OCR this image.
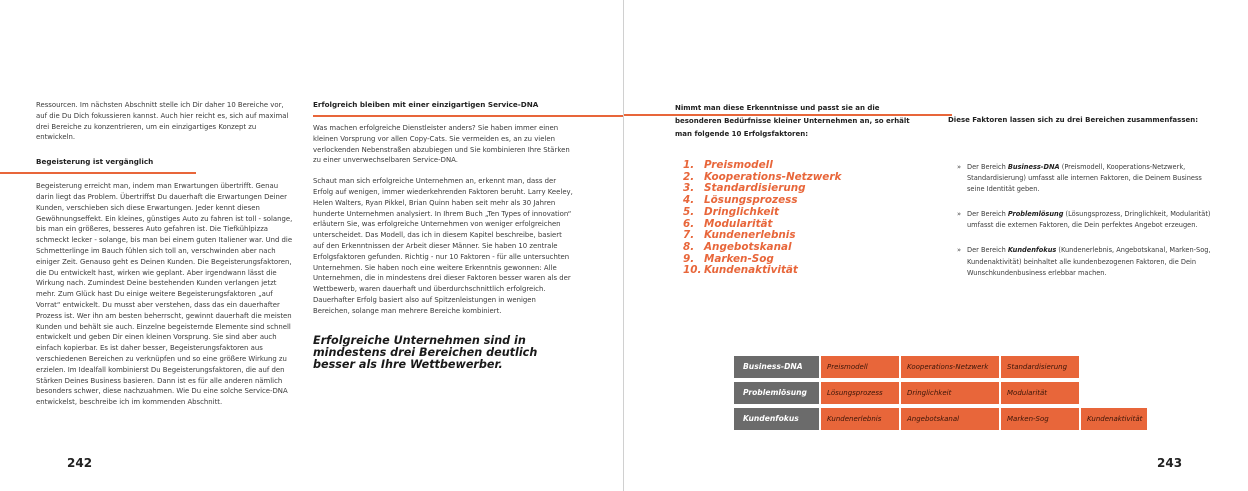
Ressourcen. Im nächsten Abschnitt stelle ich Dir daher 10 Bereiche vor, auf die Du Dich fokussieren kannst. Auch hier reicht es, sich auf maximal drei Bereiche zu konzentrieren, um ein einzigartiges Konzept zu entwickeln.

Begeisterung ist vergänglich

Begeisterung erreicht man, indem man Erwartungen übertrifft. Genau darin liegt das Problem. Übertriffst Du dauerhaft die Erwartungen Deiner Kunden, verschieben sich diese Erwartungen. Jeder kennt diesen Gewöhnungseffekt. Ein kleines, günstiges Auto zu fahren ist toll - solange, bis man ein größeres, besseres Auto gefahren ist. Die Tiefkühlpizza schmeckt lecker - solange, bis man bei einem guten Italiener war. Und die Schmetterlinge im Bauch fühlen sich toll an, verschwinden aber nach einiger Zeit. Genauso geht es Deinen Kunden. Die Begeisterungsfaktoren, die Du entwickelt hast, wirken wie geplant. Aber irgendwann lässt die Wirkung nach. Zumindest Deine bestehenden Kunden verlangen jetzt mehr. Zum Glück hast Du einige weitere Begeisterungsfaktoren „auf Vorrat“ entwickelt. Du musst aber verstehen, dass das ein dauerhafter Prozess ist. Wer ihn am besten beherrscht, gewinnt dauerhaft die meisten Kunden und behält sie auch. Einzelne begeisternde Elemente sind schnell entwickelt und geben Dir einen kleinen Vorsprung. Sie sind aber auch einfach kopierbar. Es ist daher besser, Begeisterungsfaktoren aus verschiedenen Bereichen zu verknüpfen und so eine größere Wirkung zu erzielen. Im Idealfall kombinierst Du Begeisterungsfaktoren, die auf den Stärken Deines Business basieren. Dann ist es für alle anderen nämlich besonders schwer, diese nachzuahmen. Wie Du eine solche Service-DNA entwickelst, beschreibe ich im kommenden Abschnitt.

Erfolgreich bleiben mit einer einzigartigen Service-DNA

Was machen erfolgreiche Dienstleister anders? Sie haben immer einen kleinen Vorsprung vor allen Copy-Cats. Sie vermeiden es, an zu vielen verlockenden Nebenstraßen abzubiegen und Sie kombinieren Ihre Stärken zu einer unverwechselbaren Service-DNA.

Schaut man sich erfolgreiche Unternehmen an, erkennt man, dass der Erfolg auf wenigen, immer wiederkehrenden Faktoren beruht. Larry Keeley, Helen Walters, Ryan Pikkel, Brian Quinn haben seit mehr als 30 Jahren hunderte Unternehmen analysiert. In Ihrem Buch „Ten Types of innovation“ erläutern Sie, was erfolgreiche Unternehmen von weniger erfolgreichen unterscheidet. Das Modell, das ich in diesem Kapitel beschreibe, basiert auf den Erkenntnissen der Arbeit dieser Männer. Sie haben 10 zentrale Erfolgsfaktoren gefunden. Richtig - nur 10 Faktoren - für alle untersuchten Unternehmen. Sie haben noch eine weitere Erkenntnis gewonnen: Alle Unternehmen, die in mindestens drei dieser Faktoren besser waren als der Wettbewerb, waren dauerhaft und überdurchschnittlich erfolgreich. Dauerhafter Erfolg basiert also auf Spitzenleistungen in wenigen Bereichen, solange man mehrere Bereiche kombiniert.

Erfolgreiche Unternehmen sind in mindestens drei Bereichen deutlich besser als Ihre Wettbewerber.
242
Nimmt man diese Erkenntnisse und passt sie an die besonderen Bedürfnisse kleiner Unternehmen an, so erhält man folgende 10 Erfolgsfaktoren:
Diese Faktoren lassen sich zu drei Bereichen zusammenfassen:
1. Preismodell
2. Kooperations-Netzwerk
3. Standardisierung
4. Lösungsprozess
5. Dringlichkeit
6. Modularität
7. Kundenerlebnis
8. Angebotskanal
9. Marken-Sog
10. Kundenaktivität
» Der Bereich Business-DNA (Preismodell, Kooperations-Netzwerk, Standardisierung) umfasst alle internen Faktoren, die Deinem Business seine Identität geben.
» Der Bereich Problemlösung (Lösungsprozess, Dringlichkeit, Modularität) umfasst die externen Faktoren, die Dein perfektes Angebot erzeugen.
» Der Bereich Kundenfokus (Kundenerlebnis, Angebotskanal, Marken-Sog, Kundenaktivität) beinhaltet alle kundenbezogenen Faktoren, die Dein Wunschkundenbusiness erlebbar machen.
Business-DNA	Preismodell	Kooperations-Netzwerk	Standardisierung
Problemlösung	Lösungsprozess	Dringlichkeit	Modularität
Kundenfokus	Kundenerlebnis	Angebotskanal	Marken-Sog	Kundenaktivität
243
